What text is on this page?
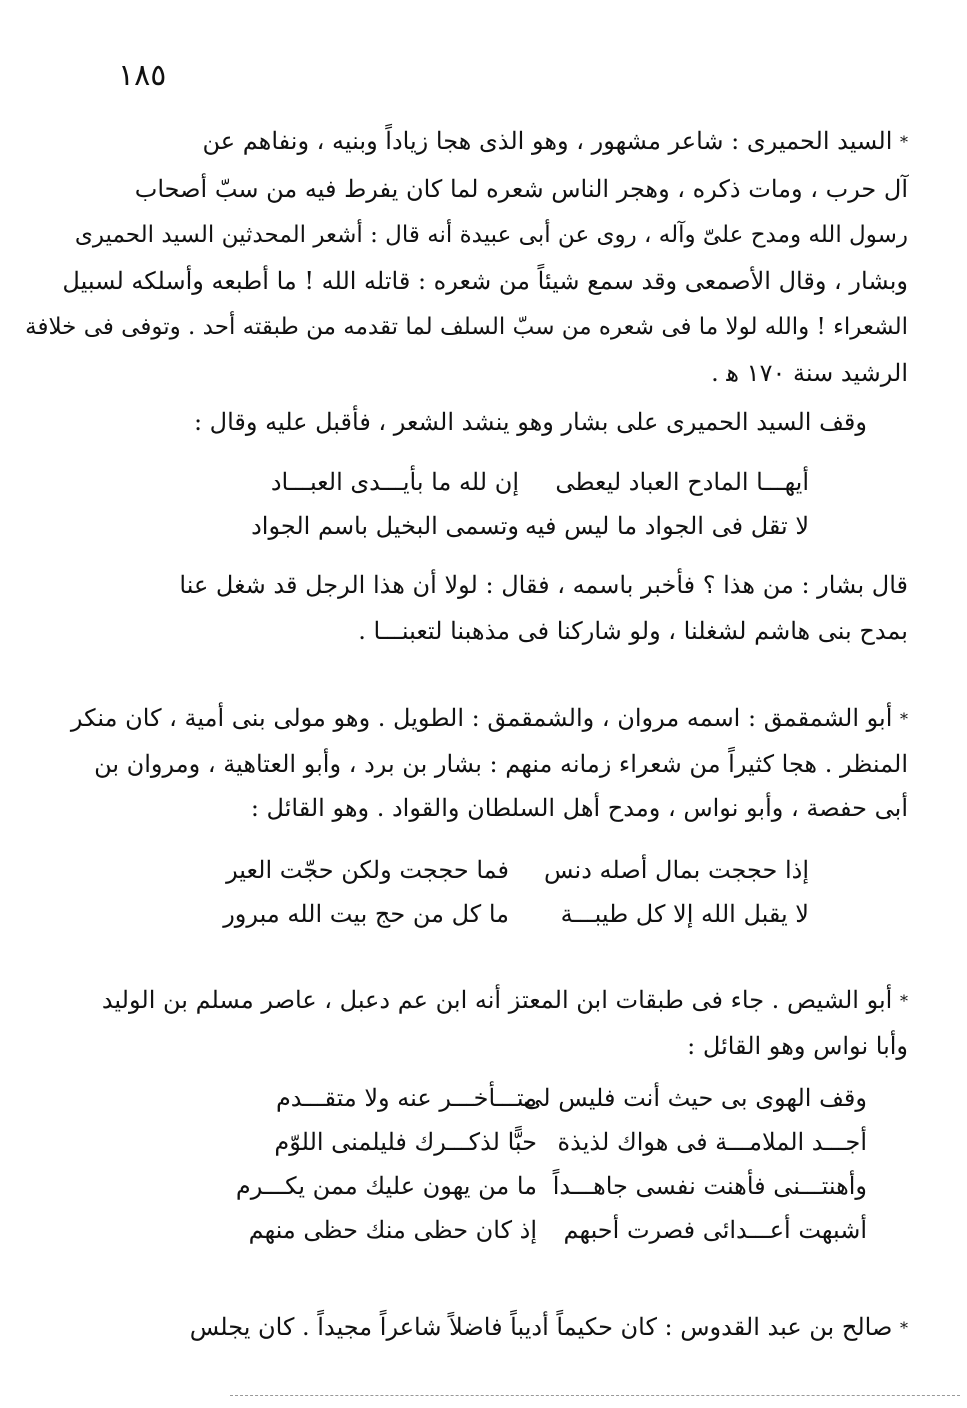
١٨٥
* السيد الحميرى : شاعر مشهور ، وهو الذى هجا زياداً وبنيه ، ونفاهم عن
آل حرب ، ومات ذكره ، وهجر الناس شعره لما كان يفرط فيه من سبّ أصحاب
رسول الله ومدح علىّ وآله ، روى عن أبى عبيدة أنه قال : أشعر المحدثين السيد الحميرى
وبشار ، وقال الأصمعى وقد سمع شيئاً من شعره : قاتله الله ! ما أطبعه وأسلكه لسبيل
الشعراء ! والله لولا ما فى شعره من سبّ السلف لما تقدمه من طبقته أحد . وتوفى فى خلافة
الرشيد سنة ١٧٠ ﻫ .
وقف السيد الحميرى على بشار وهو ينشد الشعر ، فأقبل عليه وقال :
أيهـــا المادح العباد ليعطى
إن لله ما بأيـــدى العبـــاد
لا تقل فى الجواد ما ليس فيه
وتسمى البخيل باسم الجواد
قال بشار : من هذا ؟ فأخبر باسمه ، فقال : لولا أن هذا الرجل قد شغل عنا
بمدح بنى هاشم لشغلنا ، ولو شاركنا فى مذهبنا لتعبنـــا .
* أبو الشمقمق : اسمه مروان ، والشمقمق : الطويل . وهو مولى بنى أمية ، كان منكر
المنظر . هجا كثيراً من شعراء زمانه منهم : بشار بن برد ، وأبو العتاهية ، ومروان بن
أبى حفصة ، وأبو نواس ، ومدح أهل السلطان والقواد . وهو القائل :
إذا حججت بمال أصله دنس
فما حججت ولكن حجّت العير
لا يقبل الله إلا كل طيبـــة
ما كل من حج بيت الله مبرور
* أبو الشيص . جاء فى طبقات ابن المعتز أنه ابن عم دعبل ، عاصر مسلم بن الوليد
وأبا نواس وهو القائل :
وقف الهوى بى حيث أنت فليس لى
متـــأخـــر عنه ولا متقـــدم
أجـــد الملامـــة فى هواك لذيذة
حبًّا لذكـــرك فليلمنى اللوّم
وأهنتـــنى فأهنت نفسى جاهـــداً
ما من يهون عليك ممن يكـــرم
أشبهت أعـــدائى فصرت أحبهم
إذ كان حظى منك حظى منهم
* صالح بن عبد القدوس : كان حكيماً أديباً فاضلاً شاعراً مجيداً . كان يجلس
